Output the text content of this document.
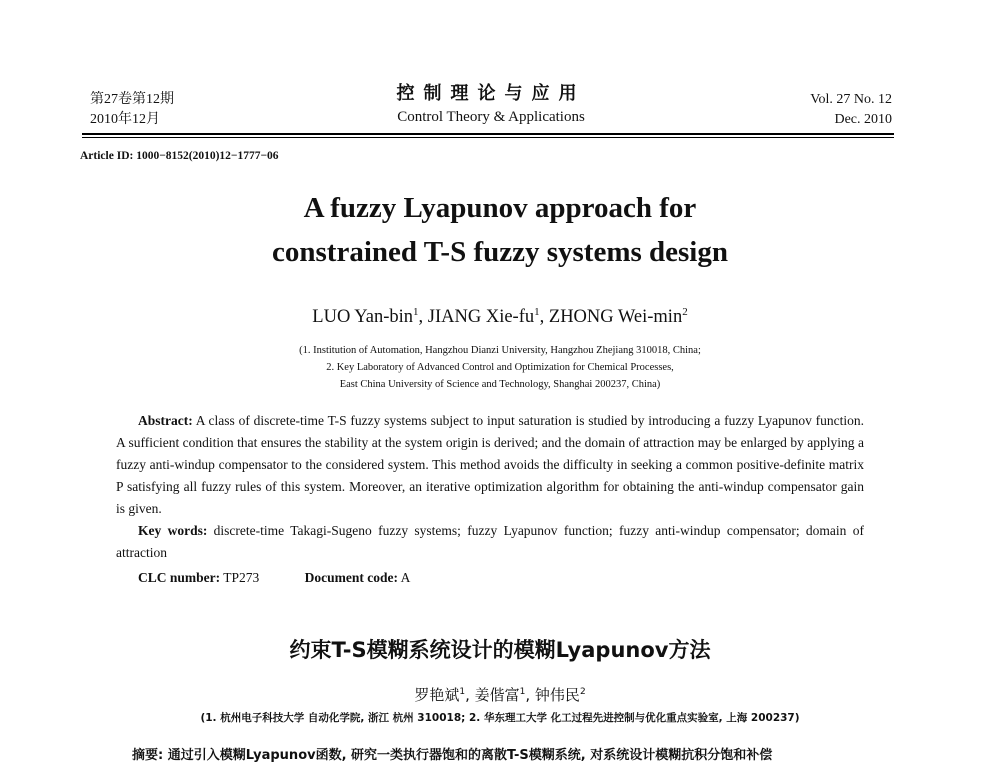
第27卷第12期
2010年12月
控制理论与应用
Control Theory & Applications
Vol. 27 No. 12
Dec. 2010
Article ID: 1000−8152(2010)12−1777−06
A fuzzy Lyapunov approach for
constrained T-S fuzzy systems design
LUO Yan-bin$^1$, JIANG Xie-$fu^1$, ZHONG Wei-$\min^2$
(1. Institution of Automation, Hangzhou Dianzi University, Hangzhou Zhejiang 310018, China;
2. Key Laboratory of Advanced Control and Optimization for Chemical Processes,
East China University of Science and Technology, Shanghai 200237, China)

Abstract: A class of discrete-time T-S fuzzy systems subject to input saturation is studied by introducing a fuzzy Lyapunov function. A sufficient condition that ensures the stability at the system origin is derived; and the domain of attraction may be enlarged by applying a fuzzy anti-windup compensator to the considered system. This method avoids the difficulty in seeking a common positive-definite matrix P satisfying all fuzzy rules of this system. Moreover, an iterative optimization algorithm for obtaining the anti-windup compensator gain is given.

Key words: discrete-time Takagi-Sugeno fuzzy systems; fuzzy Lyapunov function; fuzzy anti-windup compensator; domain of attraction

CLC number: TP273	Document code: A
约束T-S模糊系统设计的模糊Lyapunov方法
罗艳斌$^1$, 姜偕富$^1$, 钟伟民$^2$
(1. 杭州电子科技大学 自动化学院, 浙江 杭州 310018; 2. 华东理工大学 化工过程先进控制与优化重点实验室, 上海 200237)
摘要: 通过引入模糊Lyapunov函数, 研究一类执行器饱和的离散T-S模糊系统, 对系统设计模糊抗积分饱和补偿
